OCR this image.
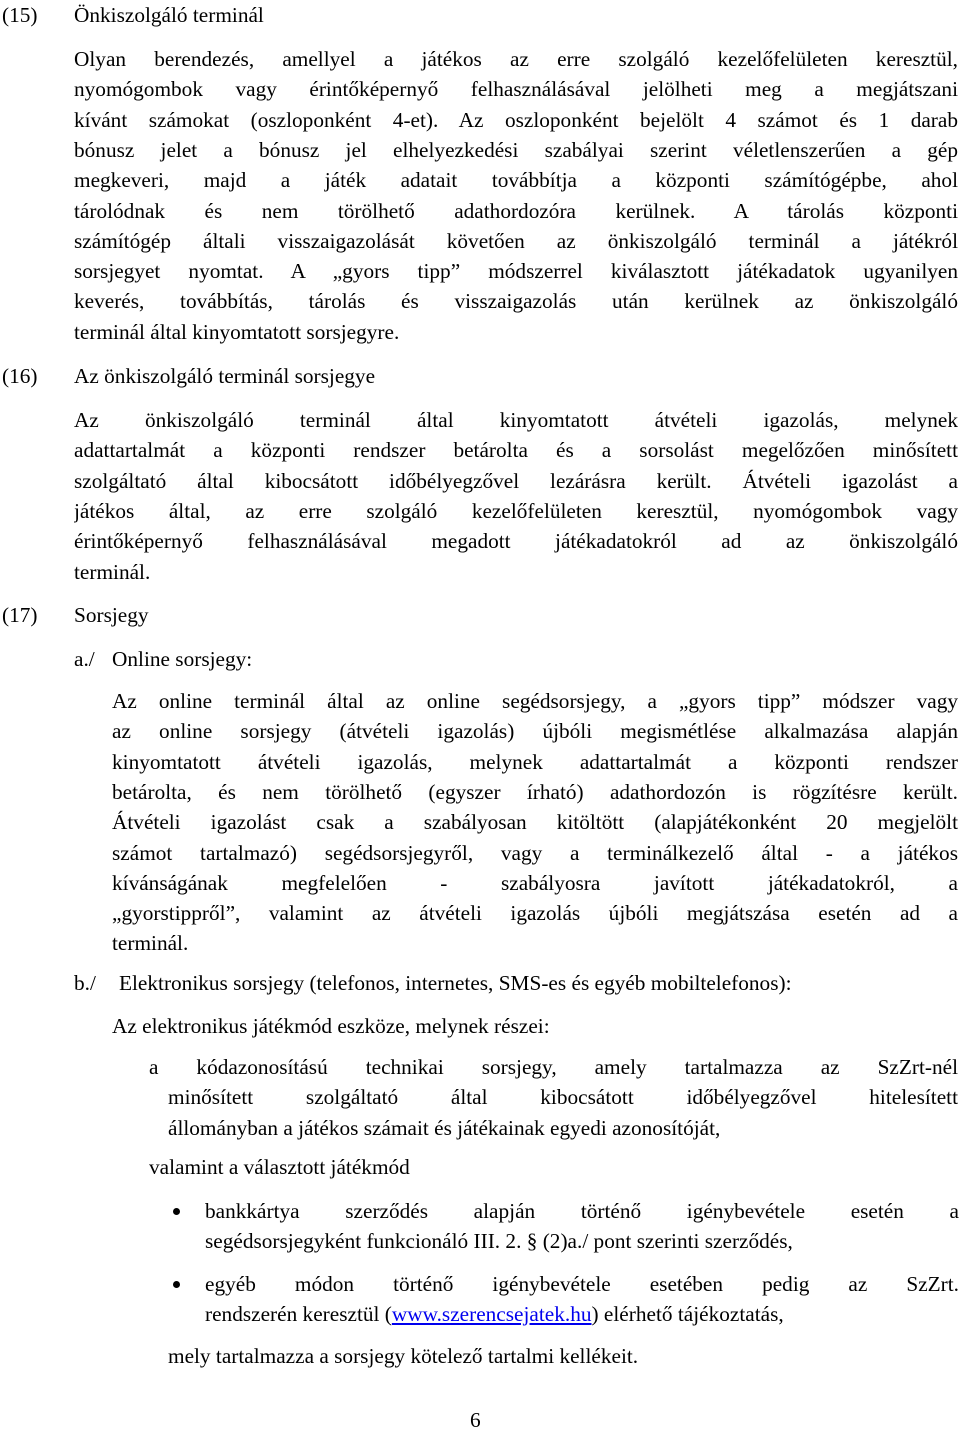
(15) Önkiszolgáló terminál
Olyan berendezés, amellyel a játékos az erre szolgáló kezelőfelületen keresztül,
nyomógombok vagy érintőképernyő felhasználásával jelölheti meg a megjátszani
kívánt számokat (oszloponként 4-et). Az oszloponként bejelölt 4 számot és 1 darab
bónusz jelet a bónusz jel elhelyezkedési szabályai szerint véletlenszerűen a gép
megkeveri, majd a játék adatait továbbítja a központi számítógépbe, ahol
tárolódnak és nem törölhető adathordozóra kerülnek. A tárolás központi
számítógép általi visszaigazolását követően az önkiszolgáló terminál a játékról
sorsjegyet nyomtat. A „gyors tipp” módszerrel kiválasztott játékadatok ugyanilyen
keverés, továbbítás, tárolás és visszaigazolás után kerülnek az önkiszolgáló
terminál által kinyomtatott sorsjegyre.
(16) Az önkiszolgáló terminál sorsjegye
Az önkiszolgáló terminál által kinyomtatott átvételi igazolás, melynek
adattartalmát a központi rendszer betárolta és a sorsolást megelőzően minősített
szolgáltató által kibocsátott időbélyegzővel lezárásra került. Átvételi igazolást a
játékos által, az erre szolgáló kezelőfelületen keresztül, nyomógombok vagy
érintőképernyő felhasználásával megadott játékadatokról ad az önkiszolgáló
terminál.
(17) Sorsjegy
a./ Online sorsjegy:
Az online terminál által az online segédsorsjegy, a „gyors tipp” módszer vagy
az online sorsjegy (átvételi igazolás) újbóli megismétlése alkalmazása alapján
kinyomtatott átvételi igazolás, melynek adattartalmát a központi rendszer
betárolta, és nem törölhető (egyszer írható) adathordozón is rögzítésre került.
Átvételi igazolást csak a szabályosan kitöltött (alapjátékonként 20 megjelölt
számot tartalmazó) segédsorsjegyről, vagy a terminálkezelő által - a játékos
kívánságának megfelelően - szabályosra javított játékadatokról, a
„gyorstippről”, valamint az átvételi igazolás újbóli megjátszása esetén ad a
terminál.
b./ Elektronikus sorsjegy (telefonos, internetes, SMS-es és egyéb mobiltelefonos):
Az elektronikus játékmód eszköze, melynek részei:
a kódazonosítású technikai sorsjegy, amely tartalmazza az SzZrt-nél
minősített szolgáltató által kibocsátott időbélyegzővel hitelesített
állományban a játékos számait és játékainak egyedi azonosítóját,
valamint a választott játékmód
bankkártya szerződés alapján történő igénybevétele esetén a
segédsorsjegyként funkcionáló III. 2. § (2)a./ pont szerinti szerződés,
egyéb módon történő igénybevétele esetében pedig az SzZrt.
rendszerén keresztül (www.szerencsejatek.hu) elérhető tájékoztatás,
mely tartalmazza a sorsjegy kötelező tartalmi kellékeit.
6
